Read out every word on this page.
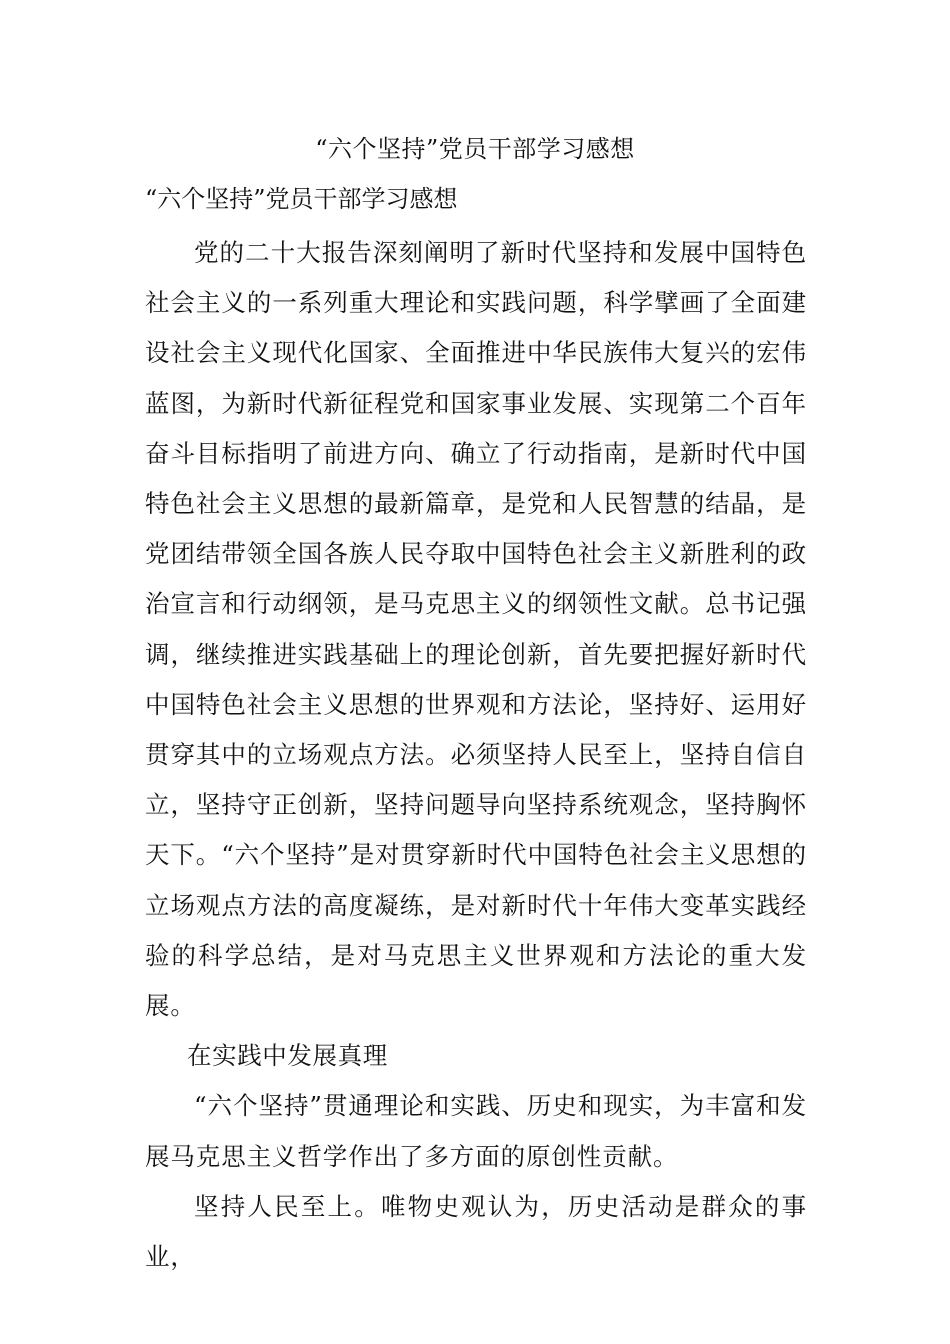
“六个坚持”党员干部学习感想
“六个坚持”党员干部学习感想

党的二十大报告深刻阐明了新时代坚持和发展中国特色社会主义的一系列重大理论和实践问题，科学擘画了全面建设社会主义现代化国家、全面推进中华民族伟大复兴的宏伟蓝图，为新时代新征程党和国家事业发展、实现第二个百年奋斗目标指明了前进方向、确立了行动指南，是新时代中国特色社会主义思想的最新篇章，是党和人民智慧的结晶，是党团结带领全国各族人民夺取中国特色社会主义新胜利的政治宣言和行动纲领，是马克思主义的纲领性文献。总书记强调，继续推进实践基础上的理论创新，首先要把握好新时代中国特色社会主义思想的世界观和方法论，坚持好、运用好贯穿其中的立场观点方法。必须坚持人民至上，坚持自信自立，坚持守正创新，坚持问题导向坚持系统观念，坚持胸怀天下。“六个坚持”是对贯穿新时代中国特色社会主义思想的立场观点方法的高度凝练，是对新时代十年伟大变革实践经验的科学总结，是对马克思主义世界观和方法论的重大发展。

在实践中发展真理

“六个坚持”贯通理论和实践、历史和现实，为丰富和发展马克思主义哲学作出了多方面的原创性贡献。

坚持人民至上。唯物史观认为，历史活动是群众的事业，
